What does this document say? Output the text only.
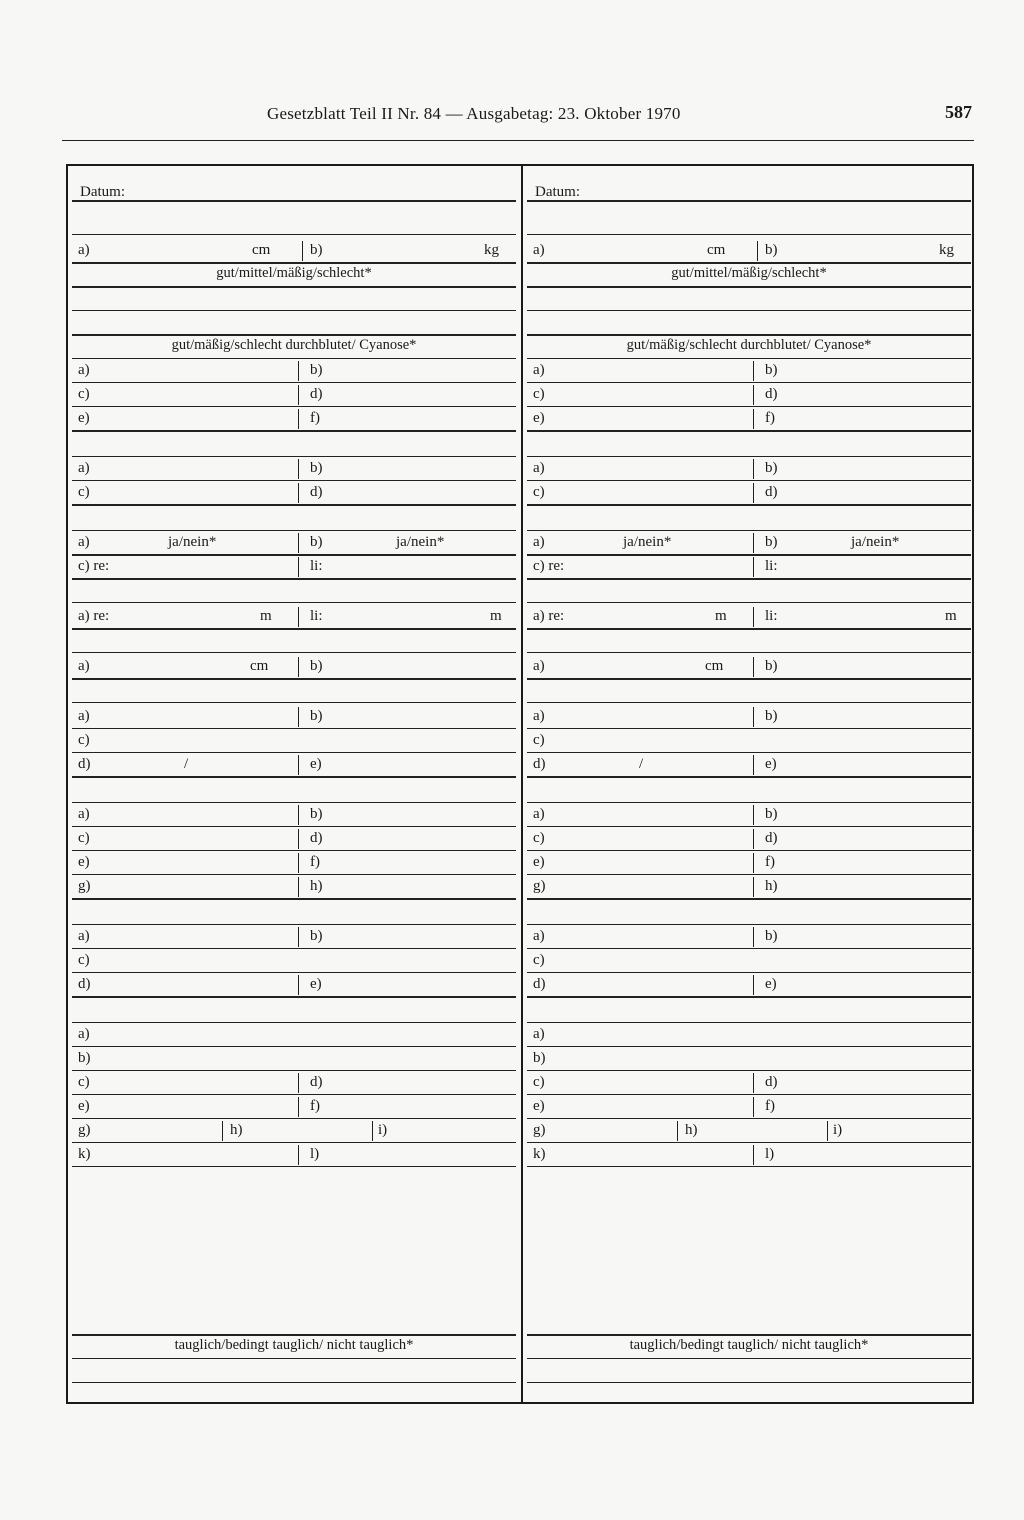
Gesetzblatt Teil II Nr. 84 — Ausgabetag: 23. Oktober 1970	587
Datum:
a)	cm	b)	kg
gut/mittel/mäßig/schlecht*
gut/mäßig/schlecht durchblutet/ Cyanose*
a)	b)
c)	d)
e)	f)
a)	b)
c)	d)
a)	ja/nein*	b)	ja/nein*
c) re:	li:
a) re:	m	li:	m
a)	cm	b)
a)	b)
c)
d)	/	e)
a)	b)
c)	d)
e)	f)
g)	h)
a)	b)
c)
d)	e)
a)
b)
c)	d)
e)	f)
g)	h)	i)
k)	l)
tauglich/bedingt tauglich/ nicht tauglich*
Datum:
a)	cm	b)	kg
gut/mittel/mäßig/schlecht*
gut/mäßig/schlecht durchblutet/ Cyanose*
a)	b)
c)	d)
e)	f)
a)	b)
c)	d)
a)	ja/nein*	b)	ja/nein*
c) re:	li:
a) re:	m	li:	m
a)	cm	b)
a)	b)
c)
d)	/	e)
a)	b)
c)	d)
e)	f)
g)	h)
a)	b)
c)
d)	e)
a)
b)
c)	d)
e)	f)
g)	h)	i)
k)	l)
tauglich/bedingt tauglich/ nicht tauglich*
